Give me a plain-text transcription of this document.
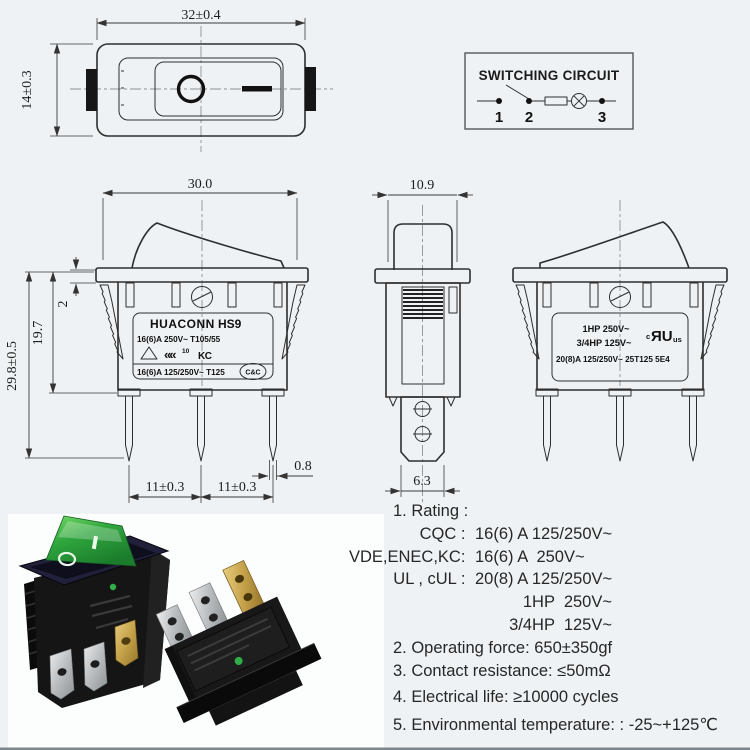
32±0.4
14±0.3	SWITCHING CIRCUIT
1 2	3
30.0
HUACONN HS9
16(6)A 250V~ T105/55
«« 10 KC
16(6)A 125/250V~ T125	C&C
11±0.3 11±0.3
0.8
29.8±0.5
19.7
2
10.9
6.3
1HP 250V~
3/4HP 125V~
20(8)A 125/250V~ 25T125 5E4
c ЯU us
1. Rating :
CQC : 16(6) A 125/250V~
VDE,ENEC,KC: 16(6) A  250V~
UL , cUL : 20(8) A 125/250V~
1HP  250V~
3/4HP  125V~
2. Operating force: 650±350gf
3. Contact resistance: ≤50mΩ
4. Electrical life: ≥10000 cycles
5. Environmental temperature: : -25~+125℃
